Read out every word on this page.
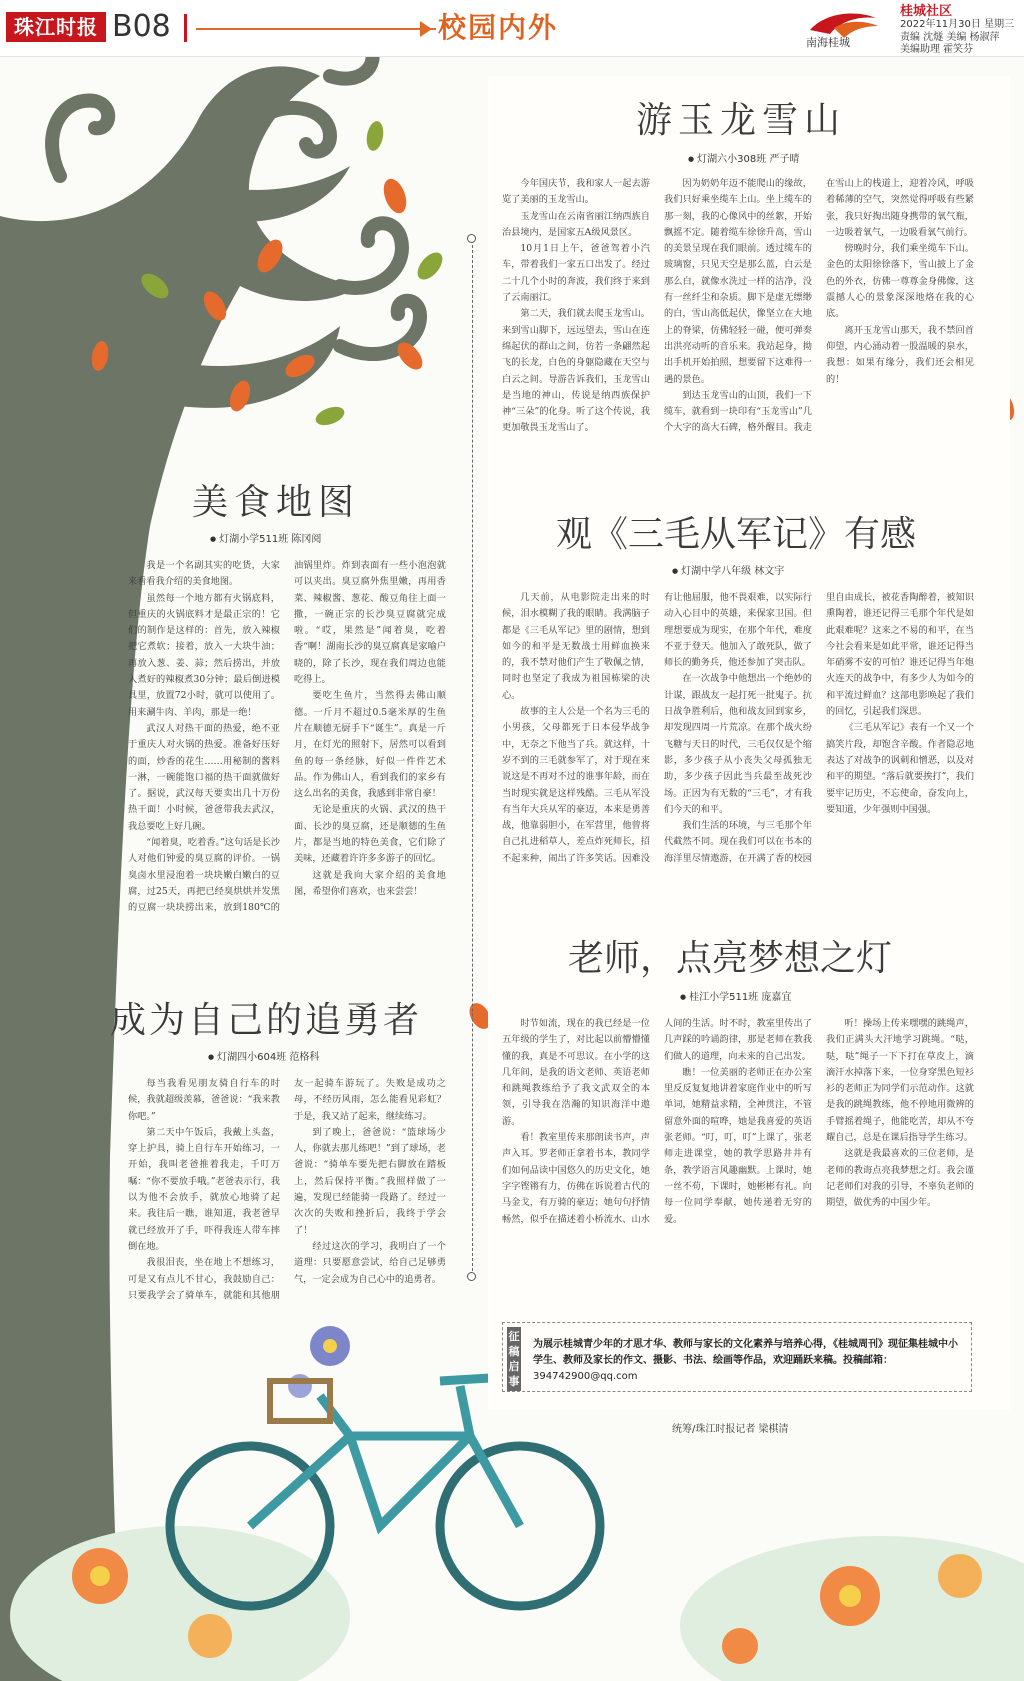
珠江时报 B08	校园内外	南海桂城
桂城社区
2022年11月30日 星期三
责编 沈燧 美编 杨淑萍
美编助理 霍笑芬
游玉龙雪山
● 灯湖六小308班 严子晴

今年国庆节，我和家人一起去游览了美丽的玉龙雪山。

玉龙雪山在云南省丽江纳西族自治县境内，是国家五A级风景区。

10月1日上午，爸爸驾着小汽车，带着我们一家五口出发了。经过二十几个小时的奔波，我们终于来到了云南丽江。

第二天，我们就去爬玉龙雪山。来到雪山脚下，远远望去，雪山在连绵起伏的群山之间，仿若一条翩然起飞的长龙，白色的身躯隐藏在天空与白云之间。导游告诉我们，玉龙雪山是当地的神山，传说是纳西族保护神“三朵”的化身。听了这个传说，我更加敬畏玉龙雪山了。

因为奶奶年迈不能爬山的缘故，我们只好乘坐缆车上山。坐上缆车的那一刻，我的心像风中的丝絮，开始飘摇不定。随着缆车徐徐升高，雪山的美景呈现在我们眼前。透过缆车的玻璃窗，只见天空是那么蓝，白云是那么白，就像水洗过一样的洁净，没有一丝纤尘和杂质。脚下是虚无缥缈的白，雪山高低起伏，像坚立在大地上的脊梁，仿佛轻轻一碰，便可弹奏出洪亮动听的音乐来。我站起身，拗出手机开始拍照，想要留下这难得一遇的景色。

到达玉龙雪山的山顶，我们一下缆车，就看到一块印有“玉龙雪山”几个大字的高大石碑，格外醒目。我走在雪山上的栈道上，迎着冷风，呼吸着稀薄的空气，突然觉得呼吸有些紧张，我只好掏出随身携带的氧气瓶，一边吸着氧气，一边吸看氧气前行。

傍晚时分，我们乘坐缆车下山。金色的太阳徐徐落下，雪山披上了金色的外衣，仿佛一尊尊金身佛像，这震撼人心的景象深深地烙在我的心底。

离开玉龙雪山那天，我不禁回首仰望，内心涌动着一股温暖的泉水，我想：如果有缘分，我们还会相见的！

美食地图
● 灯湖小学511班 陈冈阅

我是一个名副其实的吃货，大家来看看我介绍的美食地图。

虽然每一个地方都有火锅底料，但重庆的火锅底料才是最正宗的！它们的制作是这样的：首先，放入辣椒把它煮软；接着，放入一大块牛油；再放入葱、姜、蒜；然后捞出，并放入煮好的辣椒煮30分钟；最后倒进模具里，放置72小时，就可以使用了。用来涮牛肉、羊肉，那是一绝！

武汉人对热干面的热爱，绝不亚于重庆人对火锅的热爱。准备好压好的面，炒香的花生……用秘制的酱料一淋，一碗能饱口福的热干面就做好了。据说，武汉每天要卖出几十万份热干面！小时候，爸爸带我去武汉，我总要吃上好几碗。

“闻着臭，吃着香。”这句话是长沙人对他们钟爱的臭豆腐的评价。一锅臭卤水里浸泡着一块块嫩白嫩白的豆腐，过25天，再把已经臭烘烘并发黑的豆腐一块块捞出来，放到180℃的油锅里炸。炸到表面有一些小泡泡就可以夹出。臭豆腐外焦里嫩，再用香菜、辣椒酱、葱花、酸豆角往上面一撒，一碗正宗的长沙臭豆腐就完成啦。“哎，果然是”闻着臭，吃着香“啊！湖南长沙的臭豆腐真是家喻户晓的，除了长沙，现在我们周边也能吃得上。

要吃生鱼片，当然得去佛山顺德。一斤月不超过0.5毫米厚的生鱼片在顺德无厨手下“诞生”。真是一斤月，在灯光的照射下，居然可以看到鱼的每一条经脉，好似一件件艺术品。作为佛山人，看到我们的家乡有这么出名的美食，我感到非常自豪！

无论是重庆的火锅、武汉的热干面、长沙的臭豆腐，还是顺德的生鱼片，都是当地的特色美食，它们除了美味，还藏着许许多多游子的回忆。

这就是我向大家介绍的美食地图，希望你们喜欢，也来尝尝！

观《三毛从军记》有感
● 灯湖中学八年级 林文宇

几天前，从电影院走出来的时候，泪水模糊了我的眼睛。我满脑子都是《三毛从军记》里的剧情，想到如今的和平是无数战士用鲜血换来的，我不禁对他们产生了敬佩之情，同时也坚定了我成为祖国栋梁的决心。

故事的主人公是一个名为三毛的小男孩，父母都死于日本侵华战争中，无奈之下他当了兵。就这样，十岁不到的三毛就参军了，对于现在来说这是不再对不过的谁事年龄，而在当时现实就是这样残酷。三毛从军没有当年大兵从军的豪迈，本来是勇善战，他靠弱胆小，在军营里，他曾将自己扎进稻草人，差点炸死师长，招不起来种，闹出了许多笑话。因难没有让他屈服，他不畏艰难，以实际行动入心目中的英雄，来保家卫国。但理想要成为现实，在那个年代，难度不亚于登天。他加入了敢死队，做了师长的勤务兵，他还参加了突击队。

在一次战争中他想出一个绝妙的计谋，跟战友一起打死一批鬼子。抗日战争胜利后，他和战友回到家乡，却发现四周一片荒凉。在那个战火纷飞糖与天日的时代，三毛仅仅是个缩影，多少孩子从小丧失父母孤独无助，多少孩子因此当兵最至战死沙场。正因为有无数的“三毛”，才有我们今天的和平。

我们生活的环境，与三毛那个年代截然不同。现在我们可以在书本的海洋里尽情遨游，在开满了香的校园里自由成长，被花香陶醉着，被知识熏陶着，谁还记得三毛那个年代是如此艰难呢？这来之不易的和平，在当今社会看来是如此平常，谁还记得当年硝雾不安的可怕？谁还记得当年炮火连天的战争中，有多少人为如今的和平流过鲜血？这部电影唤起了我们的回忆，引起我们深思。

《三毛从军记》表有一个又一个搞笑片段，却饱含辛酸。作者隐忍地表达了对战争的讽刺和憎恶，以及对和平的期望。“落后就要挨打”，我们要牢记历史，不忘使命，奋发向上，要知道，少年强则中国强。

老师，点亮梦想之灯
● 桂江小学511班 庞嘉宜

时节如流，现在的我已经是一位五年级的学生了，对比起以前懵懵懂懂的我，真是不可思议。在小学的这几年间，是我的语文老师、英语老师和跳绳教练给予了我文武双全的本领，引导我在浩瀚的知识海洋中遨游。

看！教室里传来那朗读书声，声声入耳。罗老师正拿着书本，教同学们如何品读中国悠久的历史文化，她字字铿锵有力，仿佛在诉说着古代的马金戈，有万骑的豪迈；她句句抒情畅然，似乎在描述着小桥流水、山水人间的生活。时不时，教室里传出了几声踩的吟诵韵律，那是老师在教我们做人的道理，向未来的自己出发。

瞧！一位美丽的老师正在办公室里反反复复地讲着家庭作业中的听写单词，她精益求精，全神贯注，不管留意外面的喧哗，她是我喜爱的英语张老师。“叮，叮，叮”上课了，张老师走进课堂，她的教学思路井井有条，教学语言风趣幽默。上课时，她一丝不苟，下课时，她彬彬有礼。向每一位同学奉献，她传递着无穷的爱。

听！操场上传来嘿嘿的跳绳声，我们正满头大汗地学习跳绳。“哒，哒，哒”绳子一下下打在草皮上，滴滴汗水掉落下来，一位身穿黑色短衫衫的老师正为同学们示范动作。这就是我的跳绳教练，他不停地用微辨的手臂摇着绳子，他能吃苦，却从不夸耀自己，总是在课后指导学生练习。

这就是我最喜欢的三位老师，是老师的教诲点亮我梦想之灯。我会谨记老师们对我的引导，不辜负老师的期望，做优秀的中国少年。

成为自己的追勇者
● 灯湖四小604班 范格科

每当我看见朋友骑自行车的时候，我就超级羡慕，爸爸说：“我来教你吧。”

第二天中午饭后，我戴上头盔，穿上护具，骑上自行车开始练习，一开始，我叫老爸推着我走，千叮万嘱：“你不要放手哦。”老爸表示行，我以为他不会放手，就放心地骑了起来。我往后一瞧，谁知道，我老爸早就已经放开了手，吓得我连人带车摔倒在地。

我很泪丧，坐在地上不想练习，可是又有点儿不甘心，我鼓励自己：只要我学会了骑单车，就能和其他朋友一起骑车游玩了。失败是成功之母，不经历风雨，怎么能看见彩虹？于是，我又站了起来，继续练习。

到了晚上，爸爸说：“篮球场少人，你就去那儿练吧！”到了球场，老爸说：“骑单车要先把右脚放在踏板上，然后保持平衡。”我照样做了一遍，发现已经能骑一段路了。经过一次次的失败和挫折后，我终于学会了！

经过这次的学习，我明白了一个道理：只要愿意尝试，给自己足够勇气，一定会成为自己心中的追勇者。

征稿启事
为展示桂城青少年的才思才华、教师与家长的文化素养与培养心得，《桂城周刊》现征集桂城中小学生、教师及家长的作文、摄影、书法、绘画等作品，欢迎踊跃来稿。投稿邮箱： 394742900@qq.com
统筹/珠江时报记者 梁棋清
